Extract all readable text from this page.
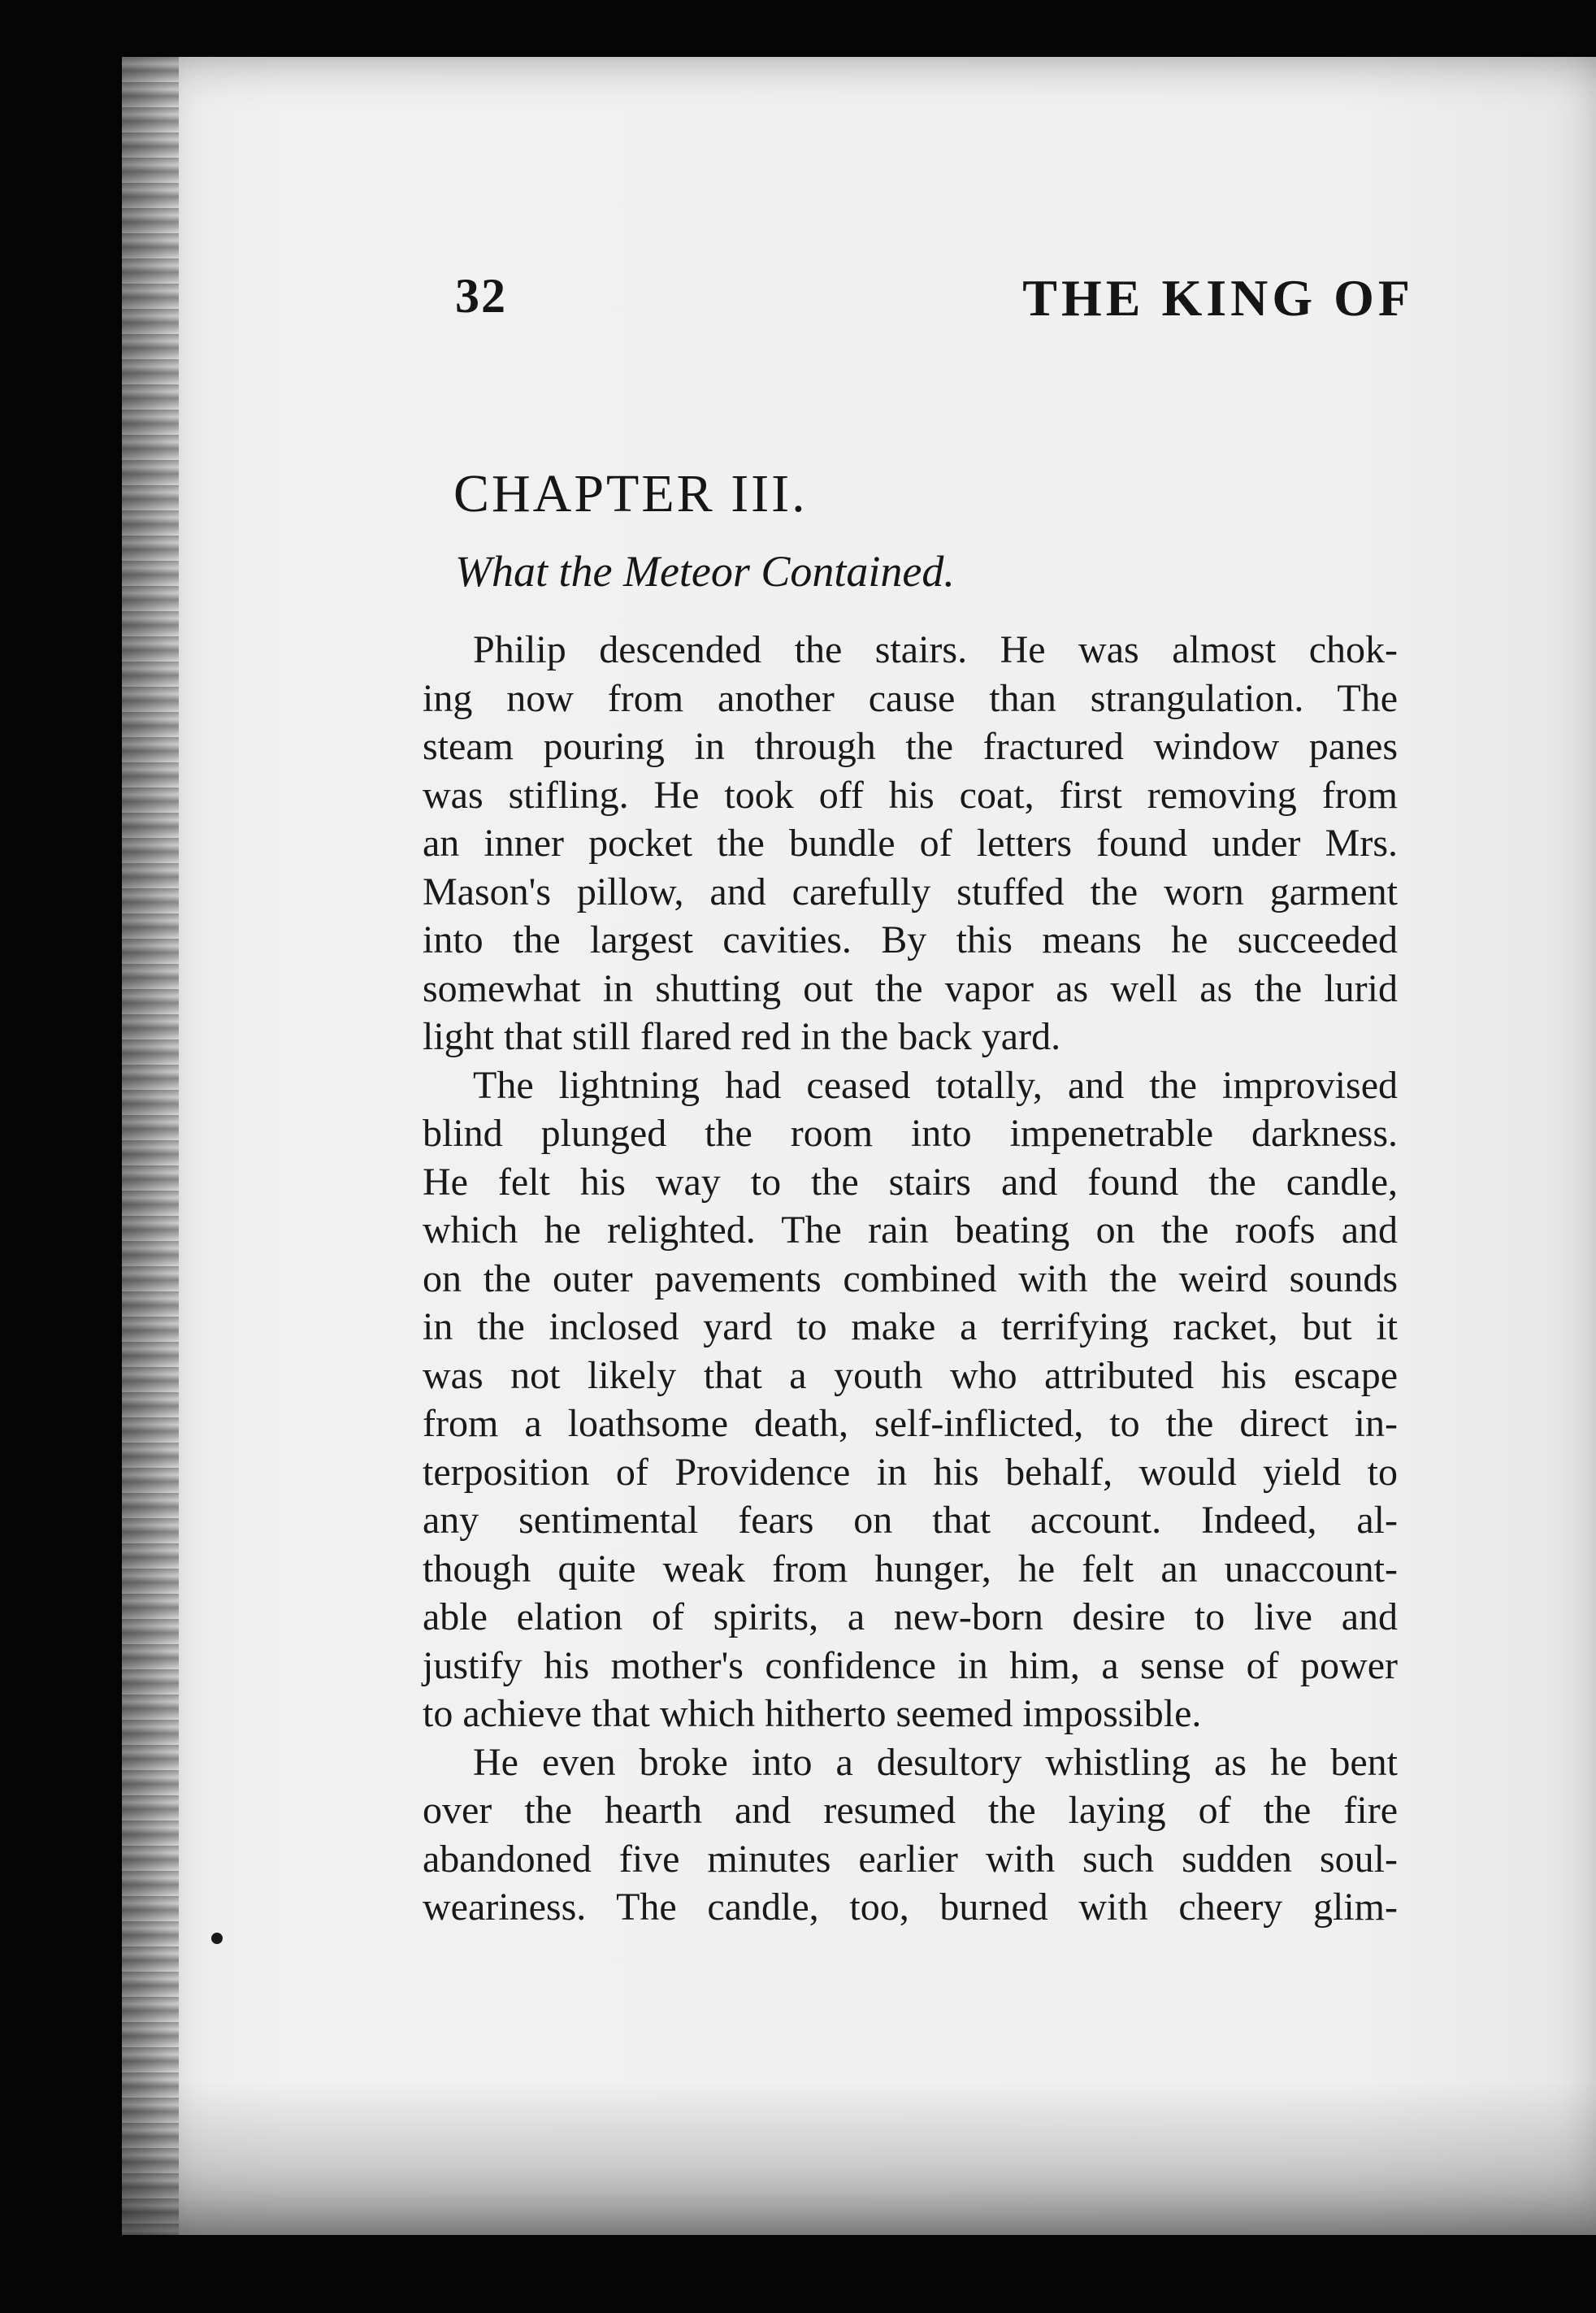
32	THE KING OF
CHAPTER III.
What the Meteor Contained.
Philip descended the stairs. He was almost chok-
ing now from another cause than strangulation. The
steam pouring in through the fractured window panes
was stifling. He took off his coat, first removing from
an inner pocket the bundle of letters found under Mrs.
Mason's pillow, and carefully stuffed the worn garment
into the largest cavities. By this means he succeeded
somewhat in shutting out the vapor as well as the lurid
light that still flared red in the back yard.
The lightning had ceased totally, and the improvised
blind plunged the room into impenetrable darkness.
He felt his way to the stairs and found the candle,
which he relighted. The rain beating on the roofs and
on the outer pavements combined with the weird sounds
in the inclosed yard to make a terrifying racket, but it
was not likely that a youth who attributed his escape
from a loathsome death, self-inflicted, to the direct in-
terposition of Providence in his behalf, would yield to
any sentimental fears on that account. Indeed, al-
though quite weak from hunger, he felt an unaccount-
able elation of spirits, a new-born desire to live and
justify his mother's confidence in him, a sense of power
to achieve that which hitherto seemed impossible.
He even broke into a desultory whistling as he bent
over the hearth and resumed the laying of the fire
abandoned five minutes earlier with such sudden soul-
weariness. The candle, too, burned with cheery glim-
